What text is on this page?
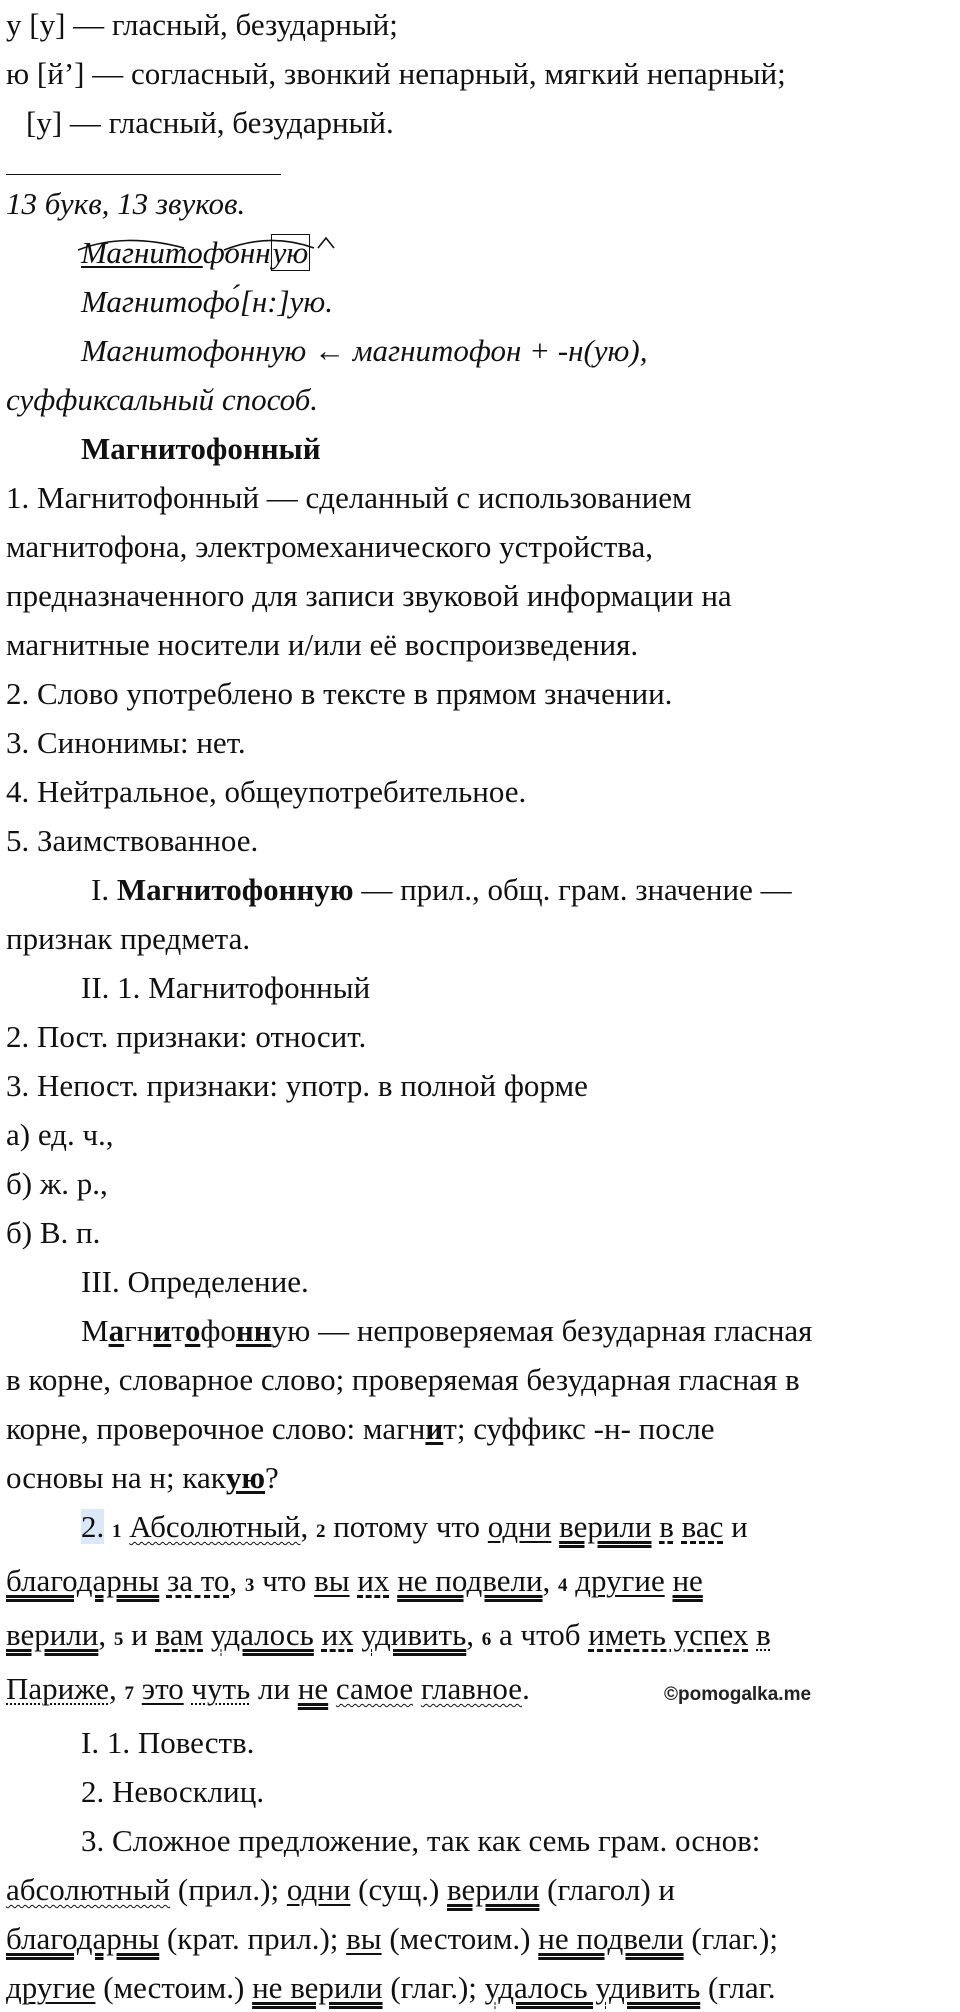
у [у] — гласный, безударный;
ю [й’] — согласный, звонкий непарный, мягкий непарный;
[у] — гласный, безударный.
13 букв, 13 звуков.
Магнитофонную
Магнитофо́[н:]ую.
Магнитофонную ← магнитофон + -н(ую),
суффиксальный способ.
Магнитофонный
1. Магнитофонный — сделанный с использованием
магнитофона, электромеханического устройства,
предназначенного для записи звуковой информации на
магнитные носители и/или её воспроизведения.
2. Слово употреблено в тексте в прямом значении.
3. Синонимы: нет.
4. Нейтральное, общеупотребительное.
5. Заимствованное.
I. Магнитофонную — прил., общ. грам. значение —
признак предмета.
II. 1. Магнитофонный
2. Пост. признаки: относит.
3. Непост. признаки: употр. в полной форме
а) ед. ч.,
б) ж. р.,
б) В. п.
III. Определение.
Магнитофонную — непроверяемая безударная гласная
в корне, словарное слово; проверяемая безударная гласная в
корне, проверочное слово: магнит; суффикс -н- после
основы на н; какую?
2. 1 Абсолютный, 2 потому что одни верили в вас и
благодарны за то, 3 что вы их не подвели, 4 другие не
верили, 5 и вам удалось их удивить, 6 а чтоб иметь успех в
Париже, 7 это чуть ли не самое главное.
I. 1. Повеств.
2. Невосклиц.
3. Сложное предложение, так как семь грам. основ:
абсолютный (прил.); одни (сущ.) верили (глагол) и
благодарны (крат. прил.); вы (местоим.) не подвели (глаг.);
другие (местоим.) не верили (глаг.); удалось удивить (глаг.
©pomogalka.me
